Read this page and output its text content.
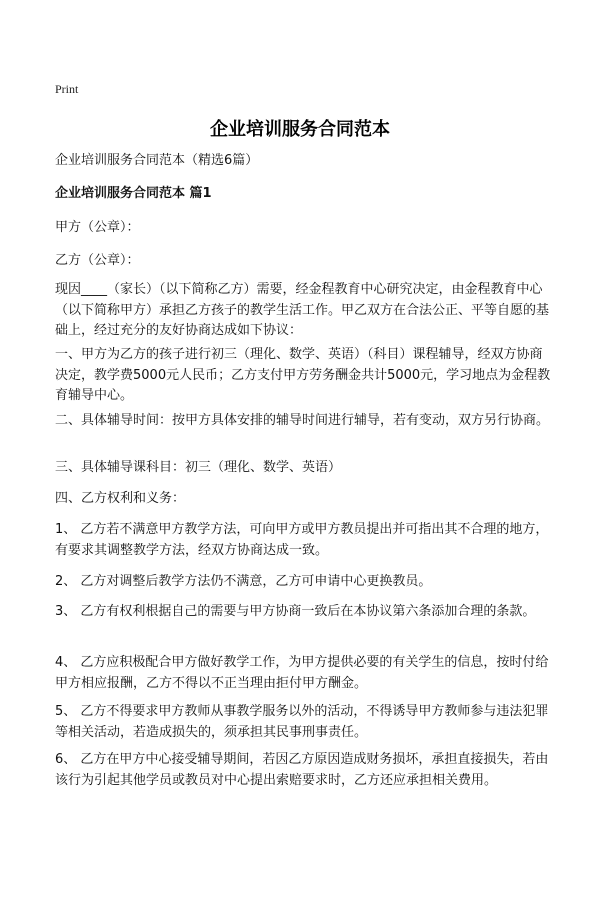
Print
企业培训服务合同范本
企业培训服务合同范本（精选6篇）
企业培训服务合同范本 篇1
甲方（公章）：
乙方（公章）：
现因____（家长）（以下简称乙方）需要，经金程教育中心研究决定，由金程教育中心（以下简称甲方）承担乙方孩子的教学生活工作。甲乙双方在合法公正、平等自愿的基础上，经过充分的友好协商达成如下协议：
一、甲方为乙方的孩子进行初三（理化、数学、英语）（科目）课程辅导，经双方协商决定，教学费5000元人民币；乙方支付甲方劳务酬金共计5000元，学习地点为金程教育辅导中心。
二、具体辅导时间：按甲方具体安排的辅导时间进行辅导，若有变动，双方另行协商。
三、具体辅导课科目：初三（理化、数学、英语）
四、乙方权利和义务：
1、 乙方若不满意甲方教学方法，可向甲方或甲方教员提出并可指出其不合理的地方，有要求其调整教学方法，经双方协商达成一致。
2、 乙方对调整后教学方法仍不满意，乙方可申请中心更换教员。
3、 乙方有权利根据自己的需要与甲方协商一致后在本协议第六条添加合理的条款。
4、 乙方应积极配合甲方做好教学工作，为甲方提供必要的有关学生的信息，按时付给甲方相应报酬，乙方不得以不正当理由拒付甲方酬金。
5、 乙方不得要求甲方教师从事教学服务以外的活动，不得诱导甲方教师参与违法犯罪等相关活动，若造成损失的，须承担其民事刑事责任。
6、 乙方在甲方中心接受辅导期间，若因乙方原因造成财务损坏，承担直接损失，若由该行为引起其他学员或教员对中心提出索赔要求时，乙方还应承担相关费用。
